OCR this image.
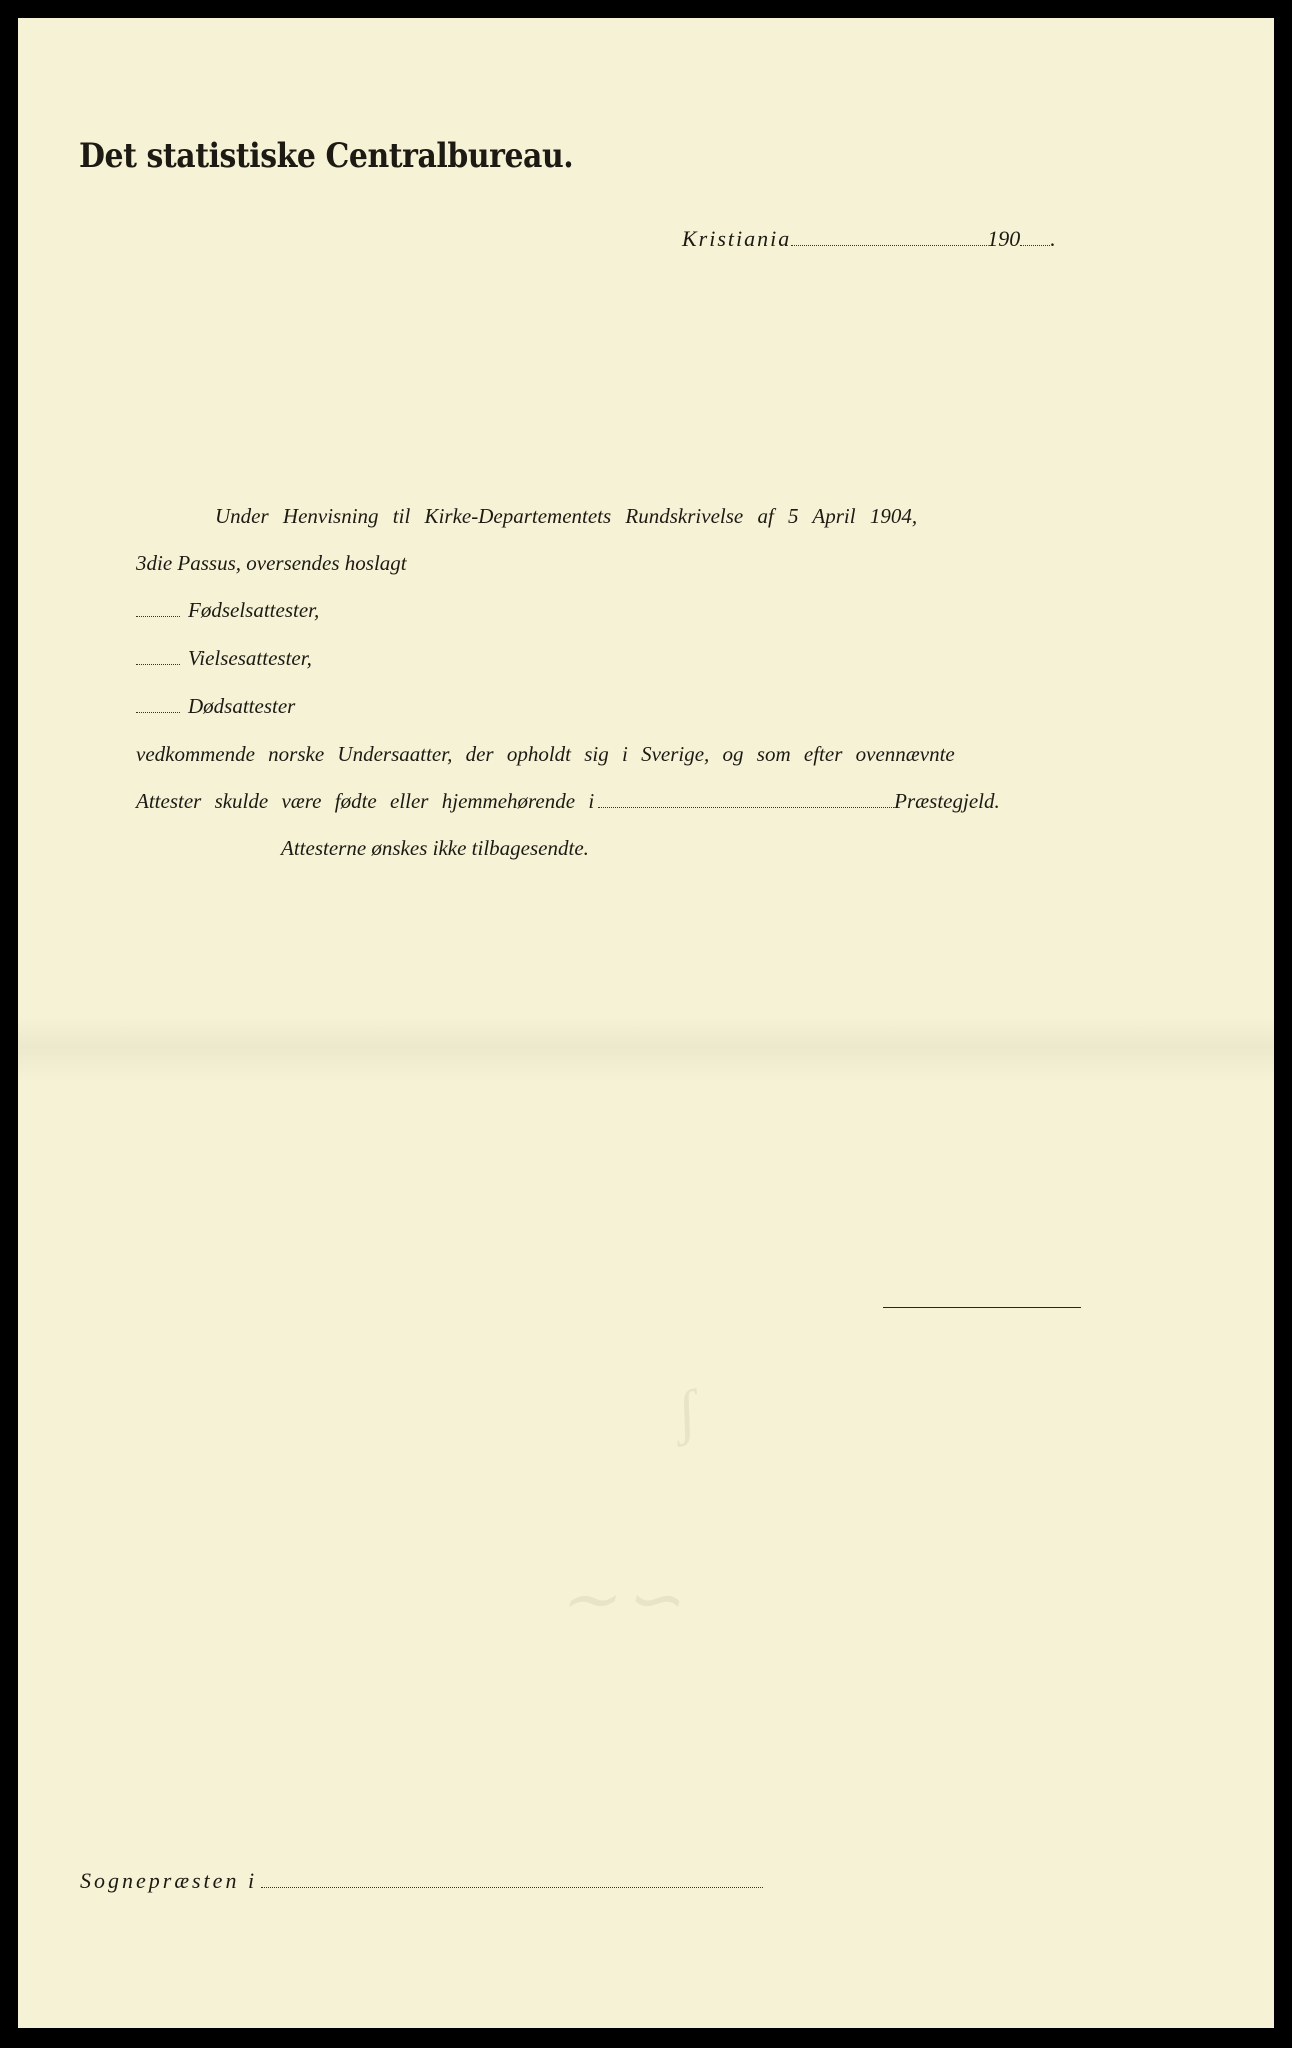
Det statistiske Centralbureau.
Kristiania	190 .
Under Henvisning til Kirke-Departementets Rundskrivelse af 5 April 1904,
3die Passus, oversendes hoslagt
Fødselsattester,
Vielsesattester,
Dødsattester
vedkommende norske Undersaatter, der opholdt sig i Sverige, og som efter ovennævnte
Attester skulde være fødte eller hjemmehørende i	Præstegjeld.
Attesterne ønskes ikke tilbagesendte.
ʃ
∼∽
Sognepræsten i
